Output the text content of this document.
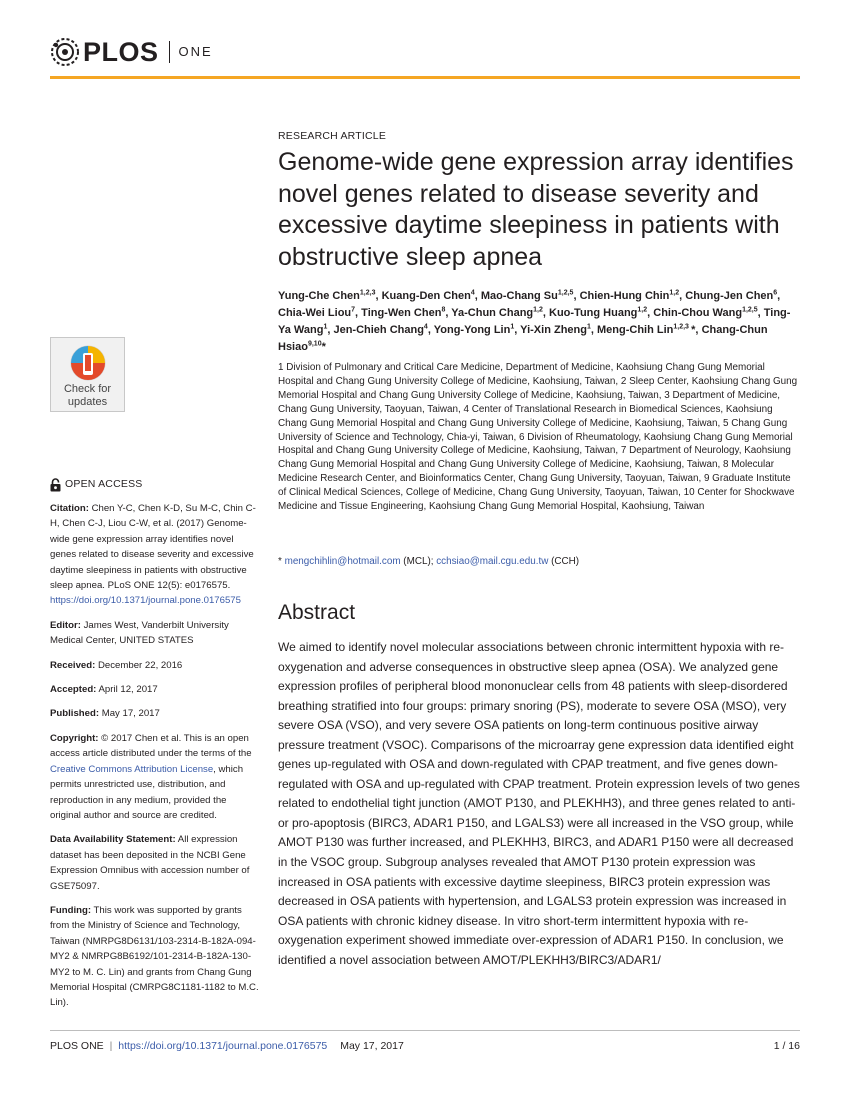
PLOS ONE
Check for
updates
OPEN ACCESS
Citation: Chen Y-C, Chen K-D, Su M-C, Chin C-H, Chen C-J, Liou C-W, et al. (2017) Genome-wide gene expression array identifies novel genes related to disease severity and excessive daytime sleepiness in patients with obstructive sleep apnea. PLoS ONE 12(5): e0176575. https://doi.org/10.1371/journal.pone.0176575
Editor: James West, Vanderbilt University Medical Center, UNITED STATES
Received: December 22, 2016
Accepted: April 12, 2017
Published: May 17, 2017
Copyright: © 2017 Chen et al. This is an open access article distributed under the terms of the Creative Commons Attribution License, which permits unrestricted use, distribution, and reproduction in any medium, provided the original author and source are credited.
Data Availability Statement: All expression dataset has been deposited in the NCBI Gene Expression Omnibus with accession number of GSE75097.
Funding: This work was supported by grants from the Ministry of Science and Technology, Taiwan (NMRPG8D6131/103-2314-B-182A-094-MY2 & NMRPG8B6192/101-2314-B-182A-130-MY2 to M. C. Lin) and grants from Chang Gung Memorial Hospital (CMRPG8C1181-1182 to M.C. Lin).
RESEARCH ARTICLE
Genome-wide gene expression array identifies novel genes related to disease severity and excessive daytime sleepiness in patients with obstructive sleep apnea
Yung-Che Chen$^{1,2,3}$, Kuang-Den Chen$^4$, Mao-Chang Su$^{1,2,5}$, Chien-Hung Chin$^{1,2}$, Chung-Jen Chen$^6$, Chia-Wei Liou$^7$, Ting-Wen Chen$^8$, Ya-Chun Chang$^{1,2}$, Kuo-Tung Huang$^{1,2}$, Chin-Chou Wang$^{1,2,5}$, Ting-Ya Wang$^1$, Jen-Chieh Chang$^4$, Yong-Yong Lin$^1$, Yi-Xin Zheng$^1$, Meng-Chih Lin$^{1,2,3}$ *, Chang-Chun Hsiao$^{9,10}$*
1 Division of Pulmonary and Critical Care Medicine, Department of Medicine, Kaohsiung Chang Gung Memorial Hospital and Chang Gung University College of Medicine, Kaohsiung, Taiwan, 2 Sleep Center, Kaohsiung Chang Gung Memorial Hospital and Chang Gung University College of Medicine, Kaohsiung, Taiwan, 3 Department of Medicine, Chang Gung University, Taoyuan, Taiwan, 4 Center of Translational Research in Biomedical Sciences, Kaohsiung Chang Gung Memorial Hospital and Chang Gung University College of Medicine, Kaohsiung, Taiwan, 5 Chang Gung University of Science and Technology, Chia-yi, Taiwan, 6 Division of Rheumatology, Kaohsiung Chang Gung Memorial Hospital and Chang Gung University College of Medicine, Kaohsiung, Taiwan, 7 Department of Neurology, Kaohsiung Chang Gung Memorial Hospital and Chang Gung University College of Medicine, Kaohsiung, Taiwan, 8 Molecular Medicine Research Center, and Bioinformatics Center, Chang Gung University, Taoyuan, Taiwan, 9 Graduate Institute of Clinical Medical Sciences, College of Medicine, Chang Gung University, Taoyuan, Taiwan, 10 Center for Shockwave Medicine and Tissue Engineering, Kaohsiung Chang Gung Memorial Hospital, Kaohsiung, Taiwan
* mengchihlin@hotmail.com (MCL); cchsiao@mail.cgu.edu.tw (CCH)
Abstract
We aimed to identify novel molecular associations between chronic intermittent hypoxia with re-oxygenation and adverse consequences in obstructive sleep apnea (OSA). We analyzed gene expression profiles of peripheral blood mononuclear cells from 48 patients with sleep-disordered breathing stratified into four groups: primary snoring (PS), moderate to severe OSA (MSO), very severe OSA (VSO), and very severe OSA patients on long-term continuous positive airway pressure treatment (VSOC). Comparisons of the microarray gene expression data identified eight genes up-regulated with OSA and down-regulated with CPAP treatment, and five genes down-regulated with OSA and up-regulated with CPAP treatment. Protein expression levels of two genes related to endothelial tight junction (AMOT P130, and PLEKHH3), and three genes related to anti-or pro-apoptosis (BIRC3, ADAR1 P150, and LGALS3) were all increased in the VSO group, while AMOT P130 was further increased, and PLEKHH3, BIRC3, and ADAR1 P150 were all decreased in the VSOC group. Subgroup analyses revealed that AMOT P130 protein expression was increased in OSA patients with excessive daytime sleepiness, BIRC3 protein expression was decreased in OSA patients with hypertension, and LGALS3 protein expression was increased in OSA patients with chronic kidney disease. In vitro short-term intermittent hypoxia with re-oxygenation experiment showed immediate over-expression of ADAR1 P150. In conclusion, we identified a novel association between AMOT/PLEKHH3/BIRC3/ADAR1/
PLOS ONE | https://doi.org/10.1371/journal.pone.0176575 May 17, 2017	1 / 16
